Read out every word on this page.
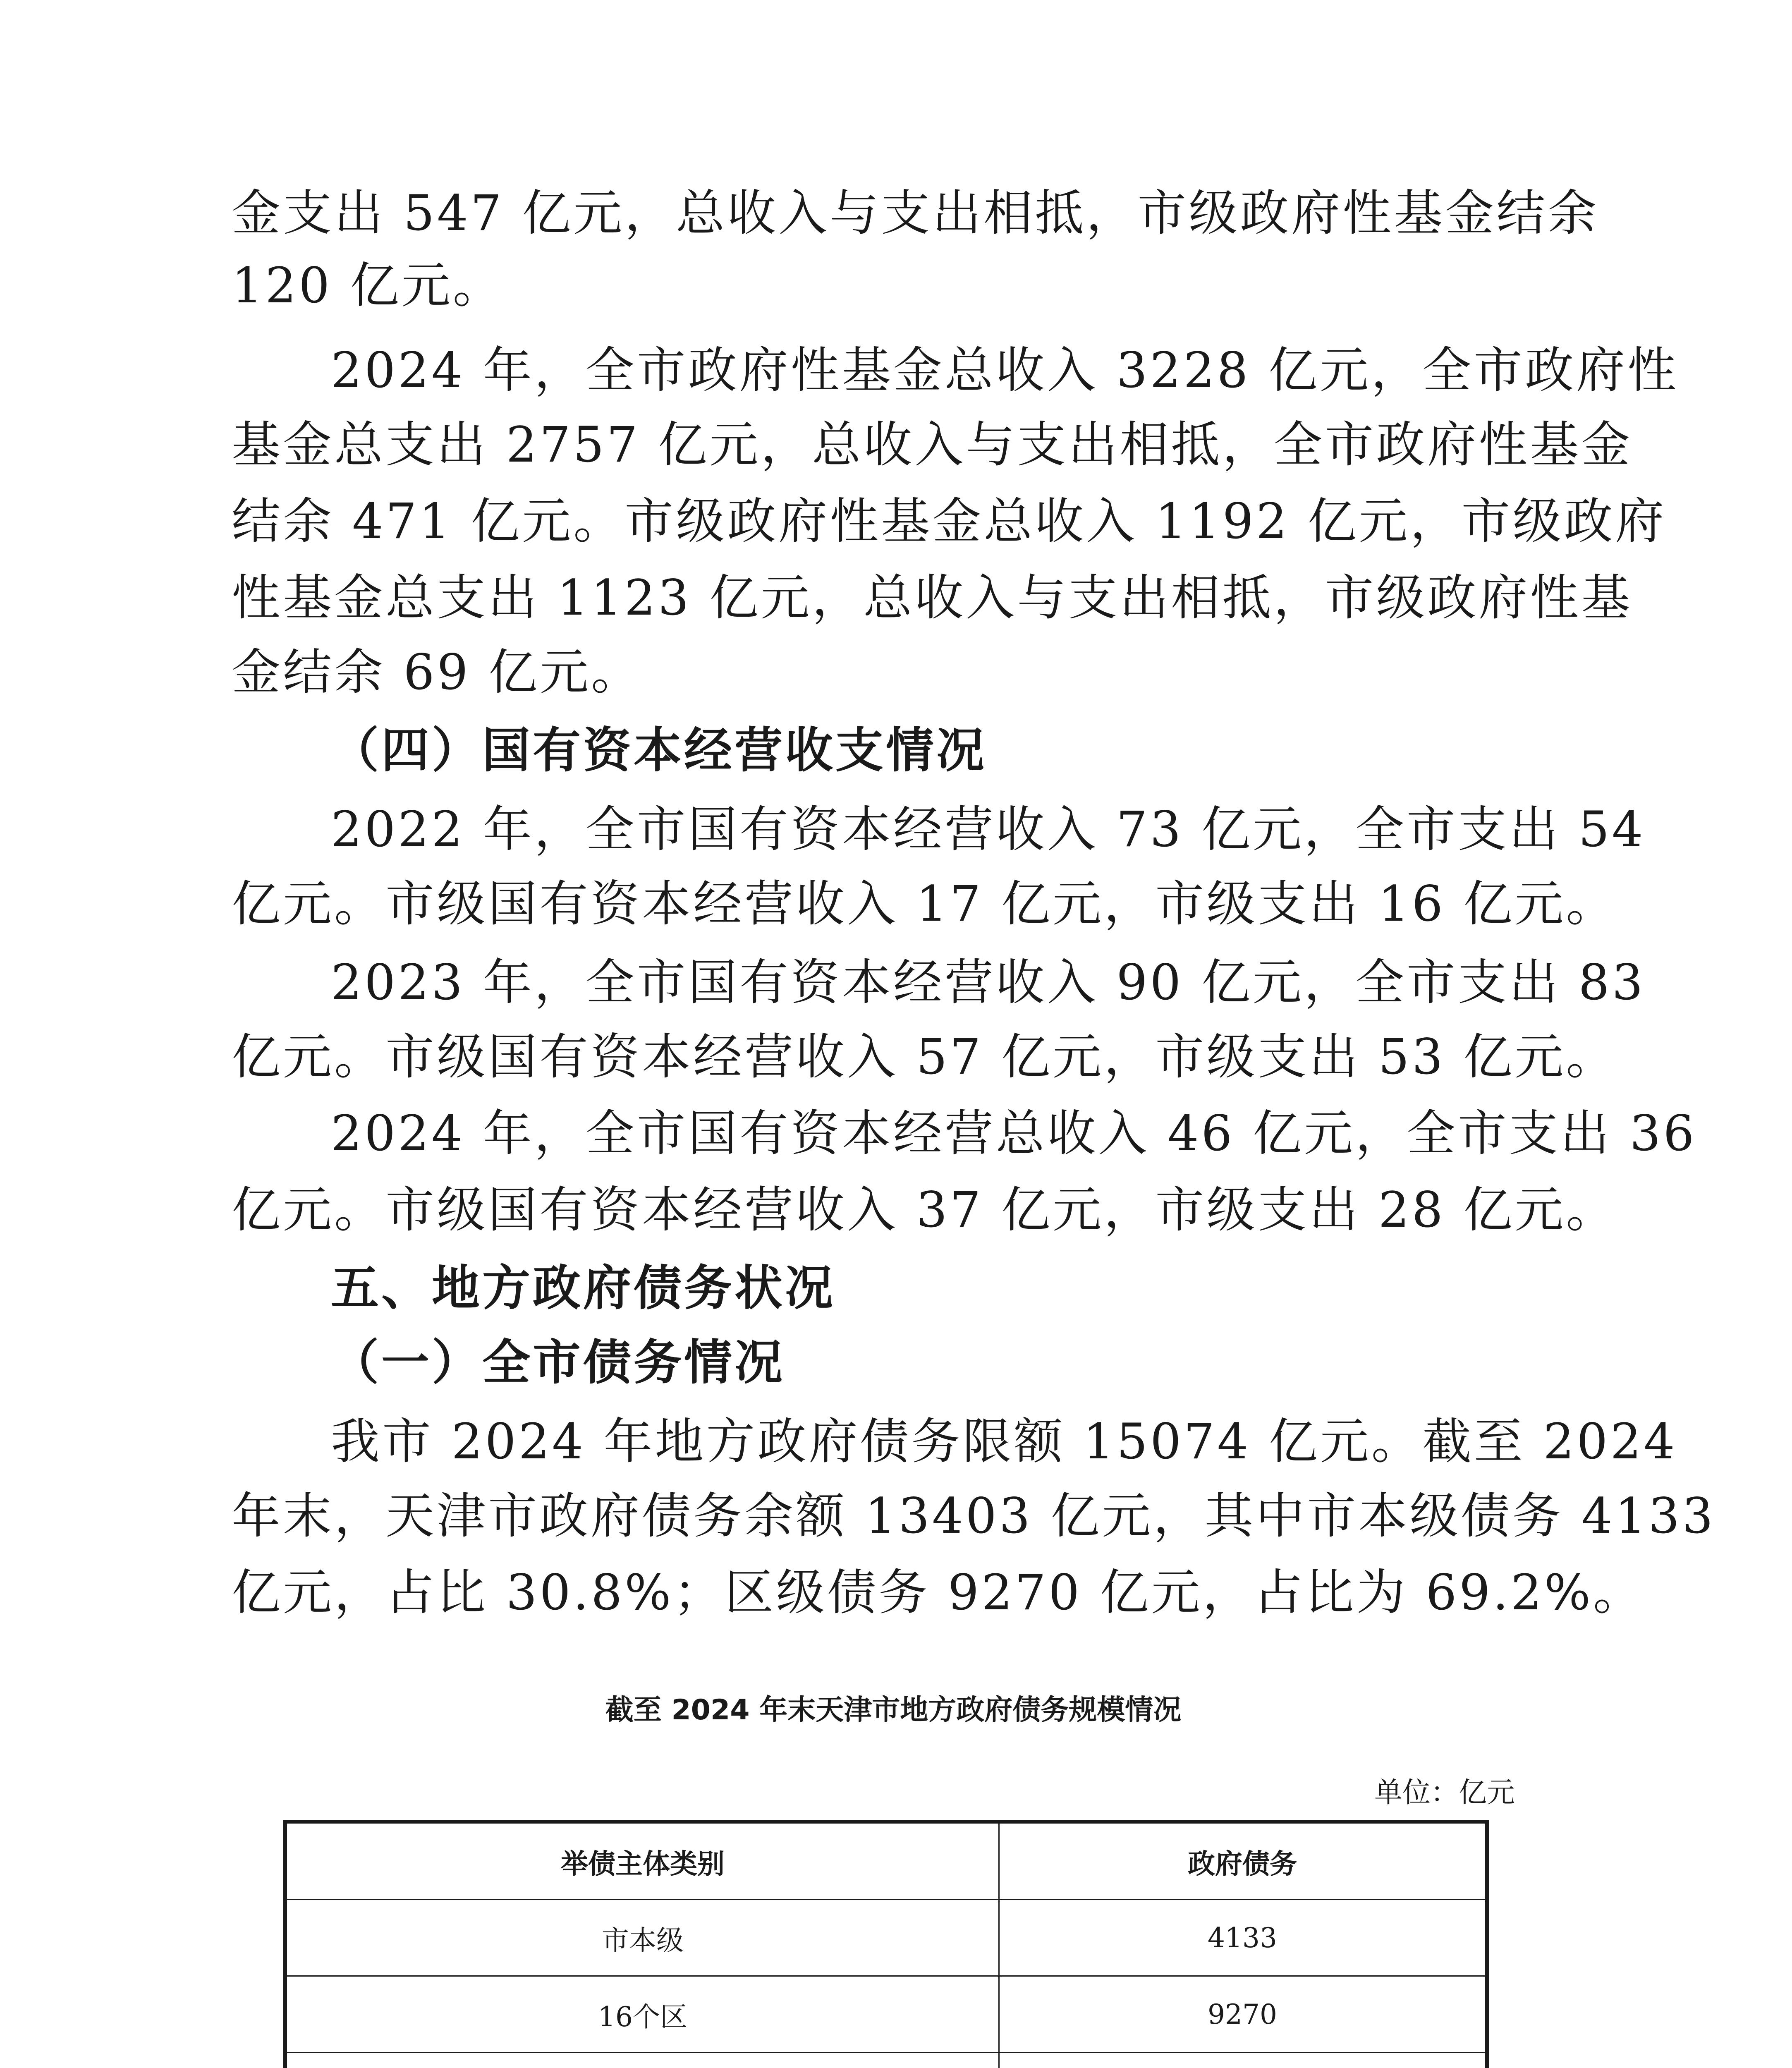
金支出 547 亿元，总收入与支出相抵，市级政府性基金结余
120 亿元。
2024 年，全市政府性基金总收入 3228 亿元，全市政府性
基金总支出 2757 亿元，总收入与支出相抵，全市政府性基金
结余 471 亿元。市级政府性基金总收入 1192 亿元，市级政府
性基金总支出 1123 亿元，总收入与支出相抵，市级政府性基
金结余 69 亿元。
（四）国有资本经营收支情况
2022 年，全市国有资本经营收入 73 亿元，全市支出 54
亿元。市级国有资本经营收入 17 亿元，市级支出 16 亿元。
2023 年，全市国有资本经营收入 90 亿元，全市支出 83
亿元。市级国有资本经营收入 57 亿元，市级支出 53 亿元。
2024 年，全市国有资本经营总收入 46 亿元，全市支出 36
亿元。市级国有资本经营收入 37 亿元，市级支出 28 亿元。
五、地方政府债务状况
（一）全市债务情况
我市 2024 年地方政府债务限额 15074 亿元。截至 2024
年末，天津市政府债务余额 13403 亿元，其中市本级债务 4133
亿元，占比 30.8%；区级债务 9270 亿元，占比为 69.2%。
截至 2024 年末天津市地方政府债务规模情况
单位：亿元
举债主体类别	政府债务
市本级	4133
16个区	9270
